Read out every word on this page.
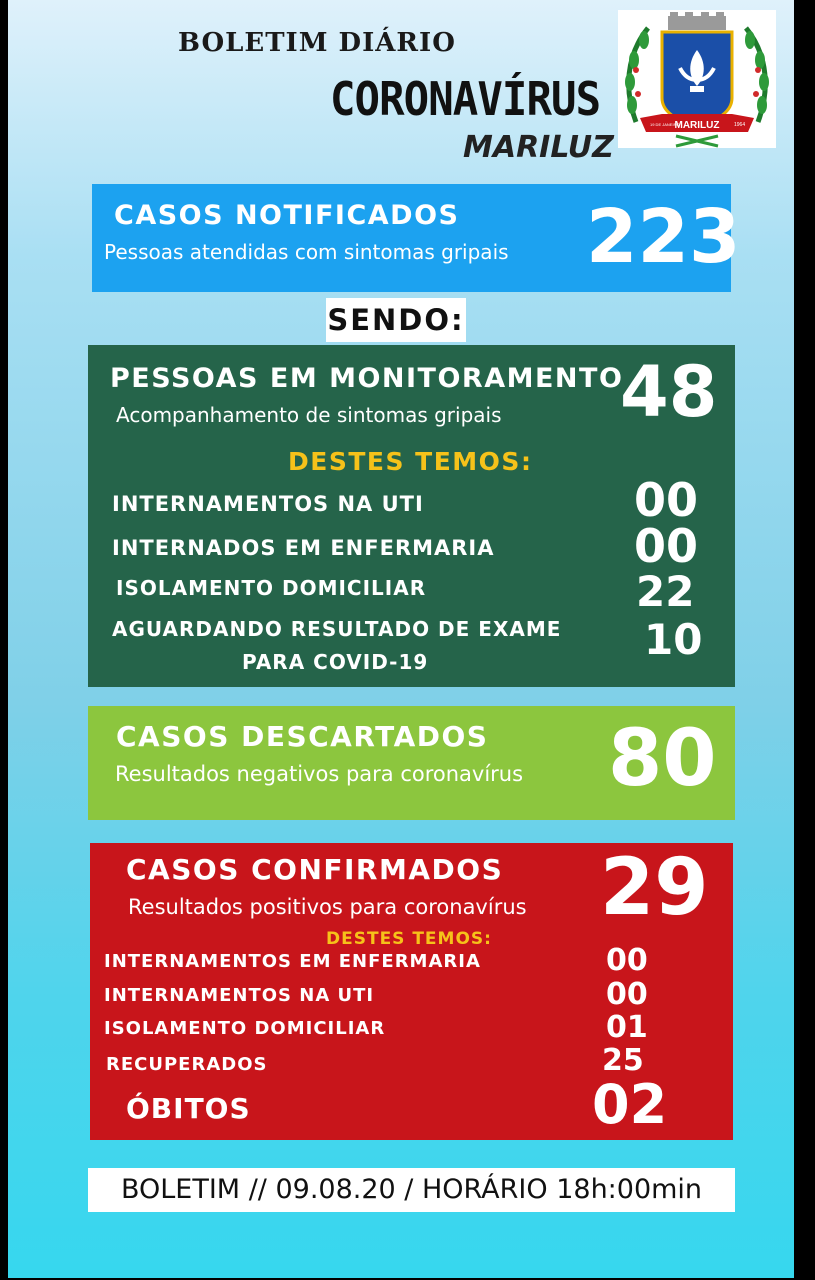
BOLETIM DIÁRIO
CORONAVÍRUS
MARILUZ
MARILUZ
19 DE JANEIRO	1964
CASOS NOTIFICADOS
Pessoas atendidas com sintomas gripais 223
SENDO:
PESSOAS EM MONITORAMENTO
Acompanhamento de sintomas gripais 48
DESTES TEMOS:
INTERNAMENTOS NA UTI	00
INTERNADOS EM ENFERMARIA	00
ISOLAMENTO DOMICILIAR	22
AGUARDANDO RESULTADO DE EXAME
PARA COVID-19	10
CASOS DESCARTADOS
Resultados negativos para coronavírus 80
CASOS CONFIRMADOS
Resultados positivos para coronavírus 29
DESTES TEMOS:
INTERNAMENTOS EM ENFERMARIA	00
INTERNAMENTOS NA UTI	00
ISOLAMENTO DOMICILIAR	01
RECUPERADOS	25
ÓBITOS	02
BOLETIM // 09.08.20 / HORÁRIO 18h:00min
